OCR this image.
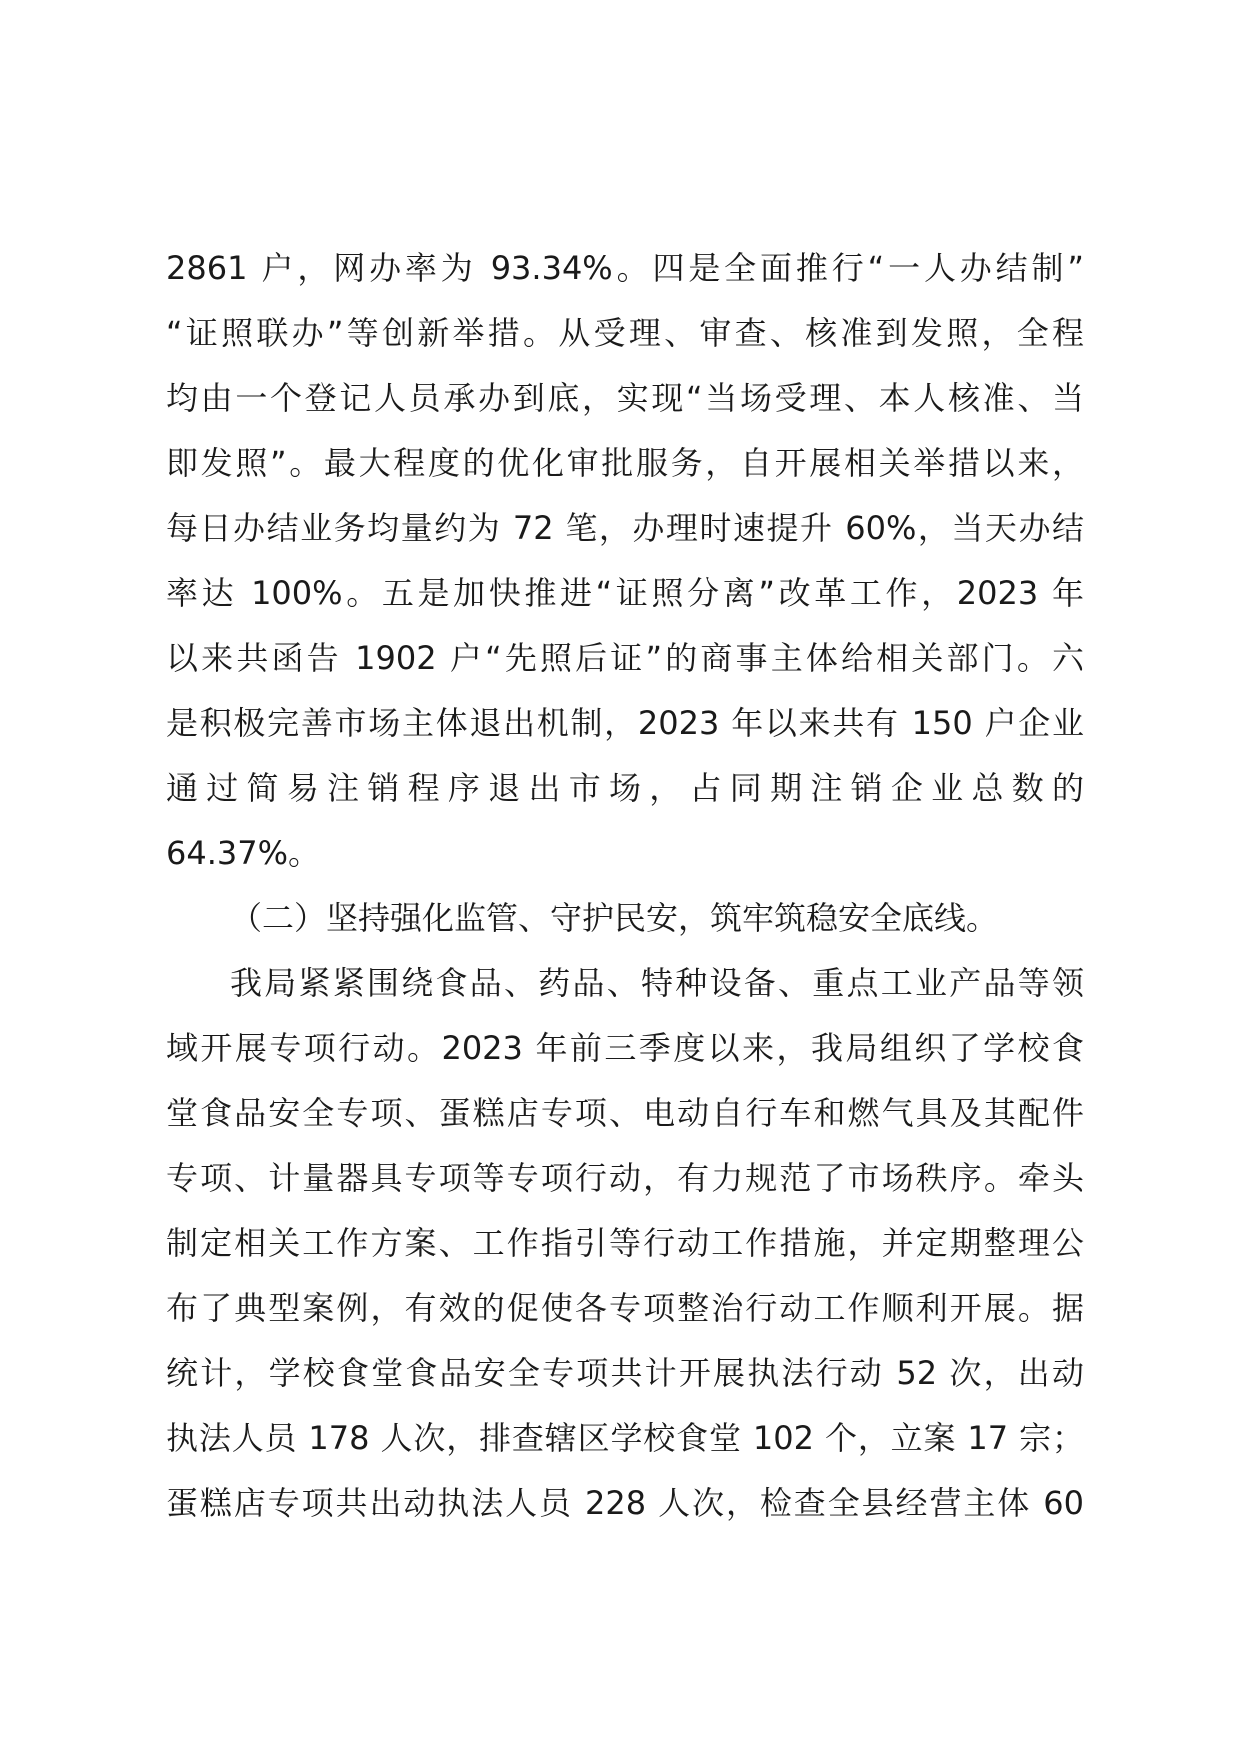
2861 户，网办率为 93.34%。四是全面推行“一人办结制”
“证照联办”等创新举措。从受理、审查、核准到发照，全程
均由一个登记人员承办到底，实现“当场受理、本人核准、当
即发照”。最大程度的优化审批服务，自开展相关举措以来，
每日办结业务均量约为 72 笔，办理时速提升 60%，当天办结
率达 100%。五是加快推进“证照分离”改革工作，2023 年
以来共函告 1902 户“先照后证”的商事主体给相关部门。六
是积极完善市场主体退出机制，2023 年以来共有 150 户企业
通过简易注销程序退出市场，占同期注销企业总数的
64.37%。
（二）坚持强化监管、守护民安，筑牢筑稳安全底线。
我局紧紧围绕食品、药品、特种设备、重点工业产品等领
域开展专项行动。2023 年前三季度以来，我局组织了学校食
堂食品安全专项、蛋糕店专项、电动自行车和燃气具及其配件
专项、计量器具专项等专项行动，有力规范了市场秩序。牵头
制定相关工作方案、工作指引等行动工作措施，并定期整理公
布了典型案例，有效的促使各专项整治行动工作顺利开展。据
统计，学校食堂食品安全专项共计开展执法行动 52 次，出动
执法人员 178 人次，排查辖区学校食堂 102 个，立案 17 宗；
蛋糕店专项共出动执法人员 228 人次，检查全县经营主体 60
